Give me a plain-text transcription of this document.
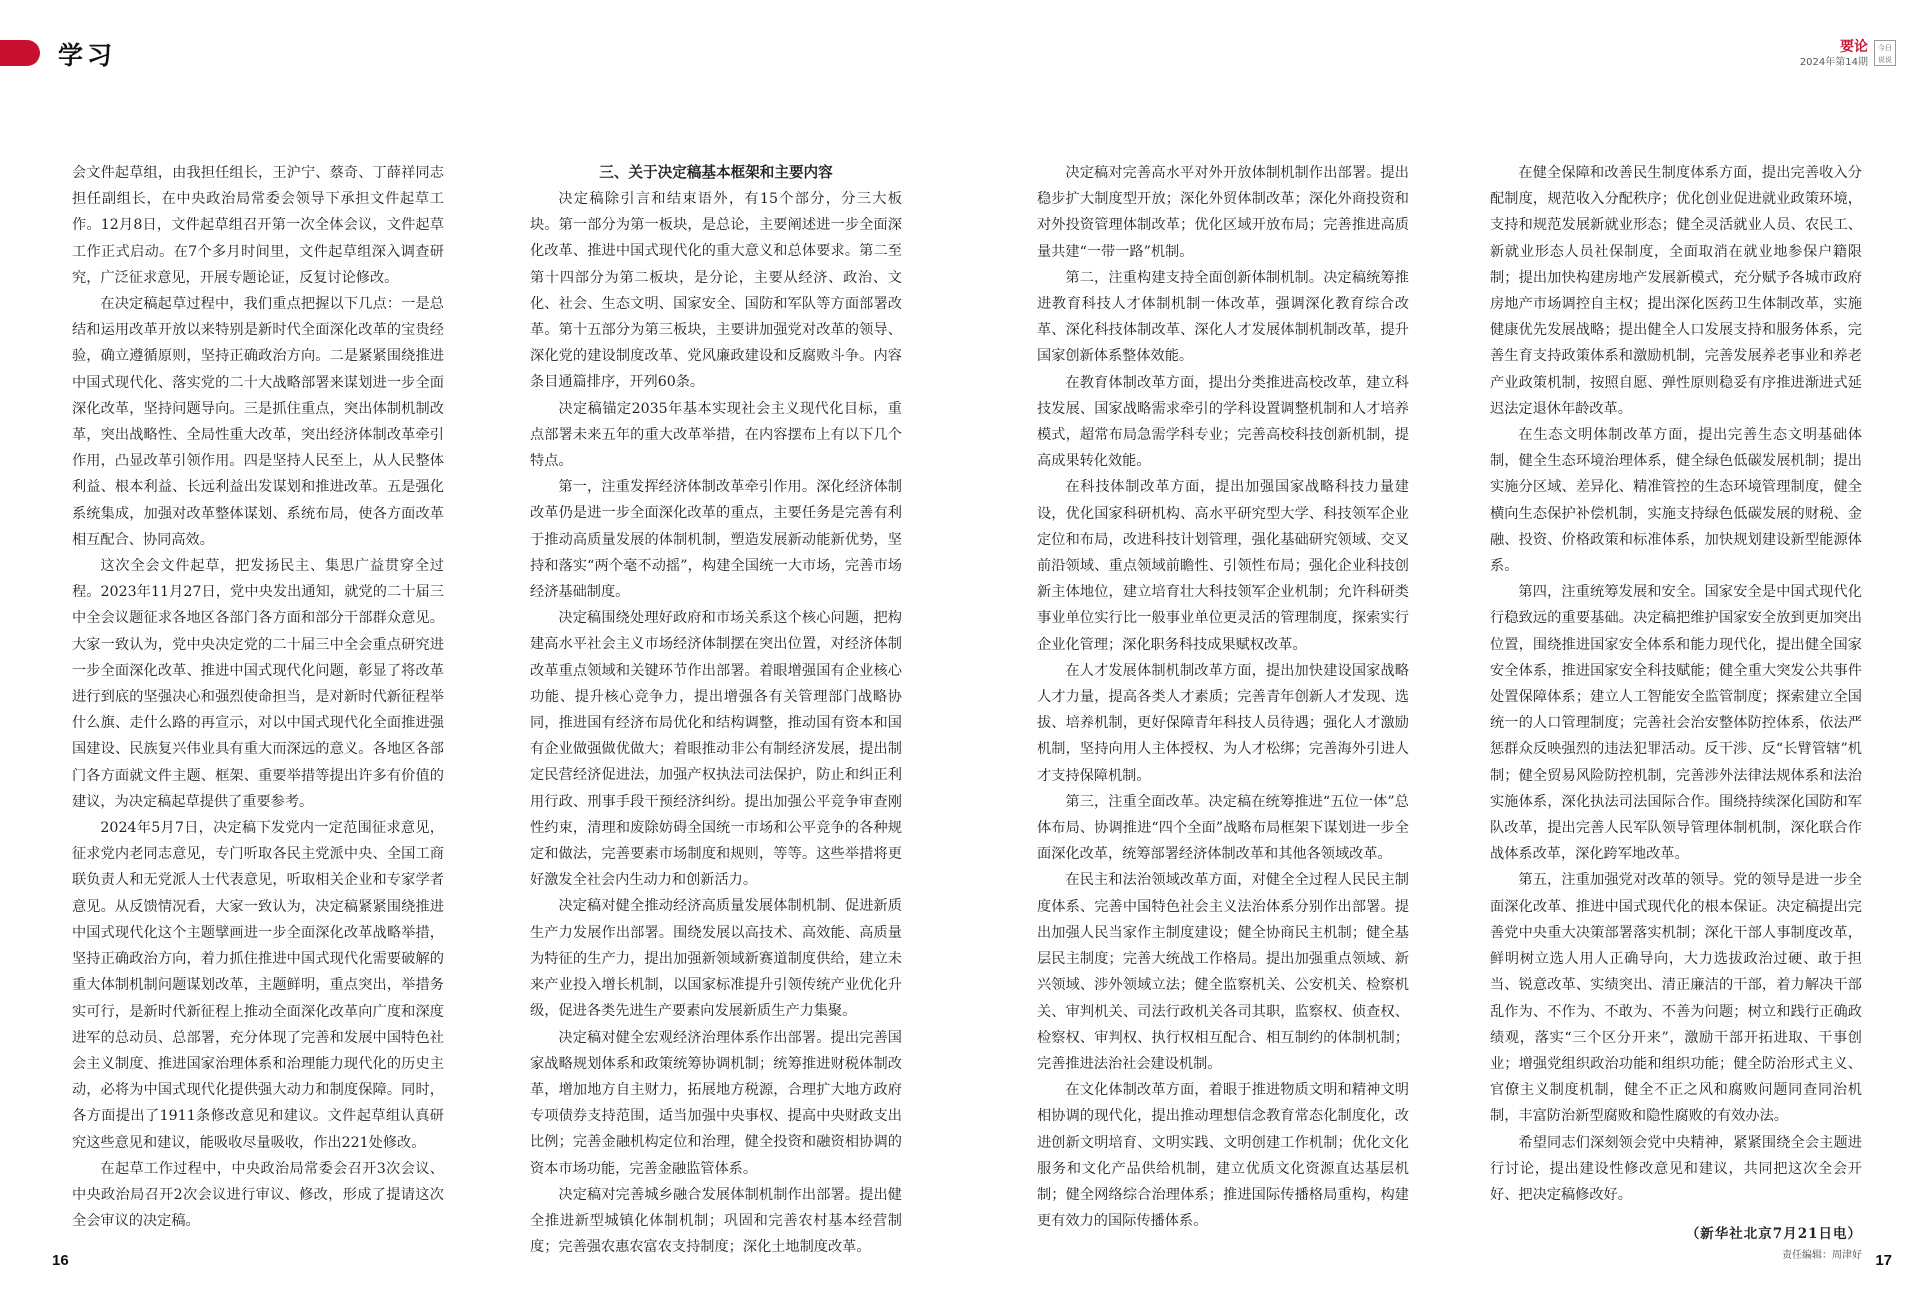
学习	要论
2024年第14期
今日
说说

会文件起草组，由我担任组长，王沪宁、蔡奇、丁薛祥同志担任副组长，在中央政治局常委会领导下承担文件起草工作。12月8日，文件起草组召开第一次全体会议，文件起草工作正式启动。在7个多月时间里，文件起草组深入调查研究，广泛征求意见，开展专题论证，反复讨论修改。

在决定稿起草过程中，我们重点把握以下几点：一是总结和运用改革开放以来特别是新时代全面深化改革的宝贵经验，确立遵循原则，坚持正确政治方向。二是紧紧围绕推进中国式现代化、落实党的二十大战略部署来谋划进一步全面深化改革，坚持问题导向。三是抓住重点，突出体制机制改革，突出战略性、全局性重大改革，突出经济体制改革牵引作用，凸显改革引领作用。四是坚持人民至上，从人民整体利益、根本利益、长远利益出发谋划和推进改革。五是强化系统集成，加强对改革整体谋划、系统布局，使各方面改革相互配合、协同高效。

这次全会文件起草，把发扬民主、集思广益贯穿全过程。2023年11月27日，党中央发出通知，就党的二十届三中全会议题征求各地区各部门各方面和部分干部群众意见。大家一致认为，党中央决定党的二十届三中全会重点研究进一步全面深化改革、推进中国式现代化问题，彰显了将改革进行到底的坚强决心和强烈使命担当，是对新时代新征程举什么旗、走什么路的再宣示，对以中国式现代化全面推进强国建设、民族复兴伟业具有重大而深远的意义。各地区各部门各方面就文件主题、框架、重要举措等提出许多有价值的建议，为决定稿起草提供了重要参考。

2024年5月7日，决定稿下发党内一定范围征求意见，征求党内老同志意见，专门听取各民主党派中央、全国工商联负责人和无党派人士代表意见，听取相关企业和专家学者意见。从反馈情况看，大家一致认为，决定稿紧紧围绕推进中国式现代化这个主题擘画进一步全面深化改革战略举措，坚持正确政治方向，着力抓住推进中国式现代化需要破解的重大体制机制问题谋划改革，主题鲜明，重点突出，举措务实可行，是新时代新征程上推动全面深化改革向广度和深度进军的总动员、总部署，充分体现了完善和发展中国特色社会主义制度、推进国家治理体系和治理能力现代化的历史主动，必将为中国式现代化提供强大动力和制度保障。同时，各方面提出了1911条修改意见和建议。文件起草组认真研究这些意见和建议，能吸收尽量吸收，作出221处修改。

在起草工作过程中，中央政治局常委会召开3次会议、中央政治局召开2次会议进行审议、修改，形成了提请这次全会审议的决定稿。

三、关于决定稿基本框架和主要内容

决定稿除引言和结束语外，有15个部分，分三大板块。第一部分为第一板块，是总论，主要阐述进一步全面深化改革、推进中国式现代化的重大意义和总体要求。第二至第十四部分为第二板块，是分论，主要从经济、政治、文化、社会、生态文明、国家安全、国防和军队等方面部署改革。第十五部分为第三板块，主要讲加强党对改革的领导、深化党的建设制度改革、党风廉政建设和反腐败斗争。内容条目通篇排序，开列60条。

决定稿锚定2035年基本实现社会主义现代化目标，重点部署未来五年的重大改革举措，在内容摆布上有以下几个特点。

第一，注重发挥经济体制改革牵引作用。深化经济体制改革仍是进一步全面深化改革的重点，主要任务是完善有利于推动高质量发展的体制机制，塑造发展新动能新优势，坚持和落实“两个毫不动摇”，构建全国统一大市场，完善市场经济基础制度。

决定稿围绕处理好政府和市场关系这个核心问题，把构建高水平社会主义市场经济体制摆在突出位置，对经济体制改革重点领域和关键环节作出部署。着眼增强国有企业核心功能、提升核心竞争力，提出增强各有关管理部门战略协同，推进国有经济布局优化和结构调整，推动国有资本和国有企业做强做优做大；着眼推动非公有制经济发展，提出制定民营经济促进法，加强产权执法司法保护，防止和纠正利用行政、刑事手段干预经济纠纷。提出加强公平竞争审查刚性约束，清理和废除妨碍全国统一市场和公平竞争的各种规定和做法，完善要素市场制度和规则，等等。这些举措将更好激发全社会内生动力和创新活力。

决定稿对健全推动经济高质量发展体制机制、促进新质生产力发展作出部署。围绕发展以高技术、高效能、高质量为特征的生产力，提出加强新领域新赛道制度供给，建立未来产业投入增长机制，以国家标准提升引领传统产业优化升级，促进各类先进生产要素向发展新质生产力集聚。

决定稿对健全宏观经济治理体系作出部署。提出完善国家战略规划体系和政策统筹协调机制；统筹推进财税体制改革，增加地方自主财力，拓展地方税源，合理扩大地方政府专项债券支持范围，适当加强中央事权、提高中央财政支出比例；完善金融机构定位和治理，健全投资和融资相协调的资本市场功能，完善金融监管体系。

决定稿对完善城乡融合发展体制机制作出部署。提出健全推进新型城镇化体制机制；巩固和完善农村基本经营制度；完善强农惠农富农支持制度；深化土地制度改革。

决定稿对完善高水平对外开放体制机制作出部署。提出稳步扩大制度型开放；深化外贸体制改革；深化外商投资和对外投资管理体制改革；优化区域开放布局；完善推进高质量共建“一带一路”机制。

第二，注重构建支持全面创新体制机制。决定稿统筹推进教育科技人才体制机制一体改革，强调深化教育综合改革、深化科技体制改革、深化人才发展体制机制改革，提升国家创新体系整体效能。

在教育体制改革方面，提出分类推进高校改革，建立科技发展、国家战略需求牵引的学科设置调整机制和人才培养模式，超常布局急需学科专业；完善高校科技创新机制，提高成果转化效能。

在科技体制改革方面，提出加强国家战略科技力量建设，优化国家科研机构、高水平研究型大学、科技领军企业定位和布局，改进科技计划管理，强化基础研究领域、交叉前沿领域、重点领域前瞻性、引领性布局；强化企业科技创新主体地位，建立培育壮大科技领军企业机制；允许科研类事业单位实行比一般事业单位更灵活的管理制度，探索实行企业化管理；深化职务科技成果赋权改革。

在人才发展体制机制改革方面，提出加快建设国家战略人才力量，提高各类人才素质；完善青年创新人才发现、选拔、培养机制，更好保障青年科技人员待遇；强化人才激励机制，坚持向用人主体授权、为人才松绑；完善海外引进人才支持保障机制。

第三，注重全面改革。决定稿在统筹推进“五位一体”总体布局、协调推进“四个全面”战略布局框架下谋划进一步全面深化改革，统筹部署经济体制改革和其他各领域改革。

在民主和法治领域改革方面，对健全全过程人民民主制度体系、完善中国特色社会主义法治体系分别作出部署。提出加强人民当家作主制度建设；健全协商民主机制；健全基层民主制度；完善大统战工作格局。提出加强重点领域、新兴领域、涉外领域立法；健全监察机关、公安机关、检察机关、审判机关、司法行政机关各司其职，监察权、侦查权、检察权、审判权、执行权相互配合、相互制约的体制机制；完善推进法治社会建设机制。

在文化体制改革方面，着眼于推进物质文明和精神文明相协调的现代化，提出推动理想信念教育常态化制度化，改进创新文明培育、文明实践、文明创建工作机制；优化文化服务和文化产品供给机制，建立优质文化资源直达基层机制；健全网络综合治理体系；推进国际传播格局重构，构建更有效力的国际传播体系。

在健全保障和改善民生制度体系方面，提出完善收入分配制度，规范收入分配秩序；优化创业促进就业政策环境，支持和规范发展新就业形态；健全灵活就业人员、农民工、新就业形态人员社保制度，全面取消在就业地参保户籍限制；提出加快构建房地产发展新模式，充分赋予各城市政府房地产市场调控自主权；提出深化医药卫生体制改革，实施健康优先发展战略；提出健全人口发展支持和服务体系，完善生育支持政策体系和激励机制，完善发展养老事业和养老产业政策机制，按照自愿、弹性原则稳妥有序推进渐进式延迟法定退休年龄改革。

在生态文明体制改革方面，提出完善生态文明基础体制，健全生态环境治理体系，健全绿色低碳发展机制；提出实施分区域、差异化、精准管控的生态环境管理制度，健全横向生态保护补偿机制，实施支持绿色低碳发展的财税、金融、投资、价格政策和标准体系，加快规划建设新型能源体系。

第四，注重统筹发展和安全。国家安全是中国式现代化行稳致远的重要基础。决定稿把维护国家安全放到更加突出位置，围绕推进国家安全体系和能力现代化，提出健全国家安全体系，推进国家安全科技赋能；健全重大突发公共事件处置保障体系；建立人工智能安全监管制度；探索建立全国统一的人口管理制度；完善社会治安整体防控体系，依法严惩群众反映强烈的违法犯罪活动。反干涉、反“长臂管辖”机制；健全贸易风险防控机制，完善涉外法律法规体系和法治实施体系，深化执法司法国际合作。围绕持续深化国防和军队改革，提出完善人民军队领导管理体制机制，深化联合作战体系改革，深化跨军地改革。

第五，注重加强党对改革的领导。党的领导是进一步全面深化改革、推进中国式现代化的根本保证。决定稿提出完善党中央重大决策部署落实机制；深化干部人事制度改革，鲜明树立选人用人正确导向，大力选拔政治过硬、敢于担当、锐意改革、实绩突出、清正廉洁的干部，着力解决干部乱作为、不作为、不敢为、不善为问题；树立和践行正确政绩观，落实“三个区分开来”，激励干部开拓进取、干事创业；增强党组织政治功能和组织功能；健全防治形式主义、官僚主义制度机制，健全不正之风和腐败问题同查同治机制，丰富防治新型腐败和隐性腐败的有效办法。

希望同志们深刻领会党中央精神，紧紧围绕全会主题进行讨论，提出建设性修改意见和建议，共同把这次全会开好、把决定稿修改好。

（新华社北京7月21日电）
责任编辑：周津好
16	17
